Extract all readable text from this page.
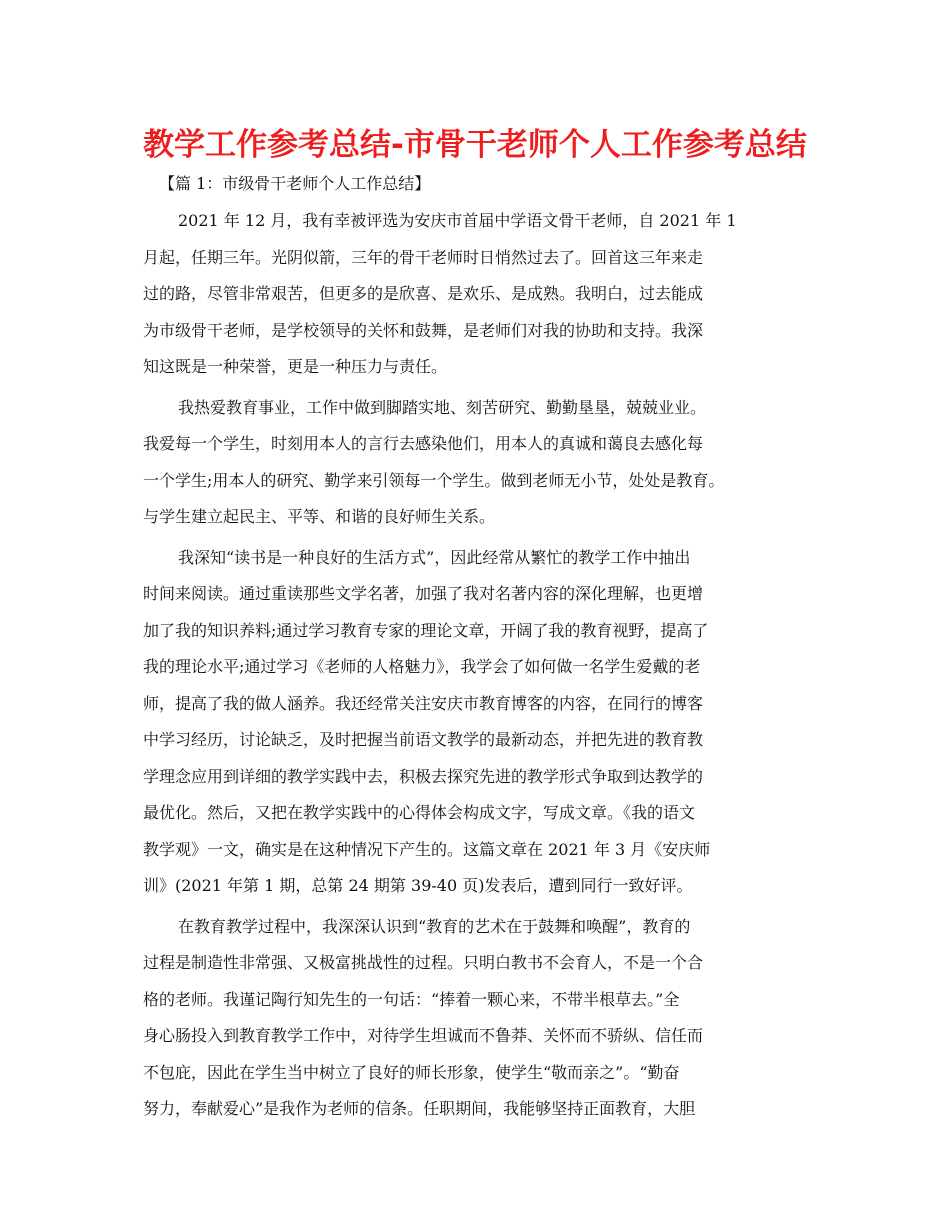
教学工作参考总结-市骨干老师个人工作参考总结
【篇 1：市级骨干老师个人工作总结】
2021 年 12 月，我有幸被评选为安庆市首届中学语文骨干老师，自 2021 年 1
月起，任期三年。光阴似箭，三年的骨干老师时日悄然过去了。回首这三年来走
过的路，尽管非常艰苦，但更多的是欣喜、是欢乐、是成熟。我明白，过去能成
为市级骨干老师，是学校领导的关怀和鼓舞，是老师们对我的协助和支持。我深
知这既是一种荣誉，更是一种压力与责任。
我热爱教育事业，工作中做到脚踏实地、刻苦研究、勤勤垦垦，兢兢业业。
我爱每一个学生，时刻用本人的言行去感染他们，用本人的真诚和蔼良去感化每
一个学生;用本人的研究、勤学来引领每一个学生。做到老师无小节，处处是教育。
与学生建立起民主、平等、和谐的良好师生关系。
我深知“读书是一种良好的生活方式”，因此经常从繁忙的教学工作中抽出
时间来阅读。通过重读那些文学名著，加强了我对名著内容的深化理解，也更增
加了我的知识养料;通过学习教育专家的理论文章，开阔了我的教育视野，提高了
我的理论水平;通过学习《老师的人格魅力》，我学会了如何做一名学生爱戴的老
师，提高了我的做人涵养。我还经常关注安庆市教育博客的内容，在同行的博客
中学习经历，讨论缺乏，及时把握当前语文教学的最新动态，并把先进的教育教
学理念应用到详细的教学实践中去，积极去探究先进的教学形式争取到达教学的
最优化。然后，又把在教学实践中的心得体会构成文字，写成文章。《我的语文
教学观》一文，确实是在这种情况下产生的。这篇文章在 2021 年 3 月《安庆师
训》(2021 年第 1 期，总第 24 期第 39-40 页)发表后，遭到同行一致好评。
在教育教学过程中，我深深认识到“教育的艺术在于鼓舞和唤醒”，教育的
过程是制造性非常强、又极富挑战性的过程。只明白教书不会育人，不是一个合
格的老师。我谨记陶行知先生的一句话：“捧着一颗心来，不带半根草去。”全
身心肠投入到教育教学工作中，对待学生坦诚而不鲁莽、关怀而不骄纵、信任而
不包庇，因此在学生当中树立了良好的师长形象，使学生“敬而亲之”。“勤奋
努力，奉献爱心”是我作为老师的信条。任职期间，我能够坚持正面教育，大胆
